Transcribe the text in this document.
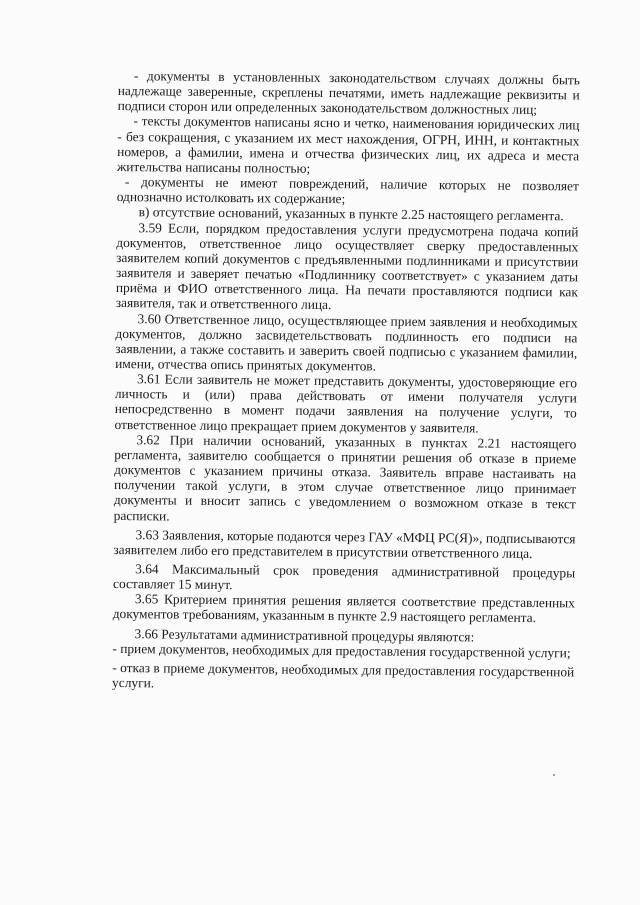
- документы в установленных законодательством случаях должны быть надлежаще заверенные, скреплены печатями, иметь надлежащие реквизиты и подписи сторон или определенных законодательством должностных лиц;

- тексты документов написаны ясно и четко, наименования юридических лиц - без сокращения, с указанием их мест нахождения, ОГРН, ИНН, и контактных номеров, а фамилии, имена и отчества физических лиц, их адреса и места жительства написаны полностью;

- документы не имеют повреждений, наличие которых не позволяет однозначно истолковать их содержание;

в) отсутствие оснований, указанных в пункте 2.25 настоящего регламента.

3.59 Если, порядком предоставления услуги предусмотрена подача копий документов, ответственное лицо осуществляет сверку предоставленных заявителем копий документов с предъявленными подлинниками и присутствии заявителя и заверяет печатью «Подлиннику соответствует» с указанием даты приёма и ФИО ответственного лица. На печати проставляются подписи как заявителя, так и ответственного лица.

3.60 Ответственное лицо, осуществляющее прием заявления и необходимых документов, должно засвидетельствовать подлинность его подписи на заявлении, а также составить и заверить своей подписью с указанием фамилии, имени, отчества опись принятых документов.

3.61 Если заявитель не может представить документы, удостоверяющие его личность и (или) права действовать от имени получателя услуги непосредственно в момент подачи заявления на получение услуги, то ответственное лицо прекращает прием документов у заявителя.

3.62 При наличии оснований, указанных в пунктах 2.21 настоящего регламента, заявителю сообщается о принятии решения об отказе в приеме документов с указанием причины отказа. Заявитель вправе настаивать на получении такой услуги, в этом случае ответственное лицо принимает документы и вносит запись с уведомлением о возможном отказе в текст расписки.

3.63 Заявления, которые подаются через ГАУ «МФЦ РС(Я)», подписываются заявителем либо его представителем в присутствии ответственного лица.

3.64 Максимальный срок проведения административной процедуры составляет 15 минут.

3.65 Критерием принятия решения является соответствие представленных документов требованиям, указанным в пункте 2.9 настоящего регламента.

3.66 Результатами административной процедуры являются:

- прием документов, необходимых для предоставления государственной услуги;

- отказ в приеме документов, необходимых для предоставления государственной услуги.
